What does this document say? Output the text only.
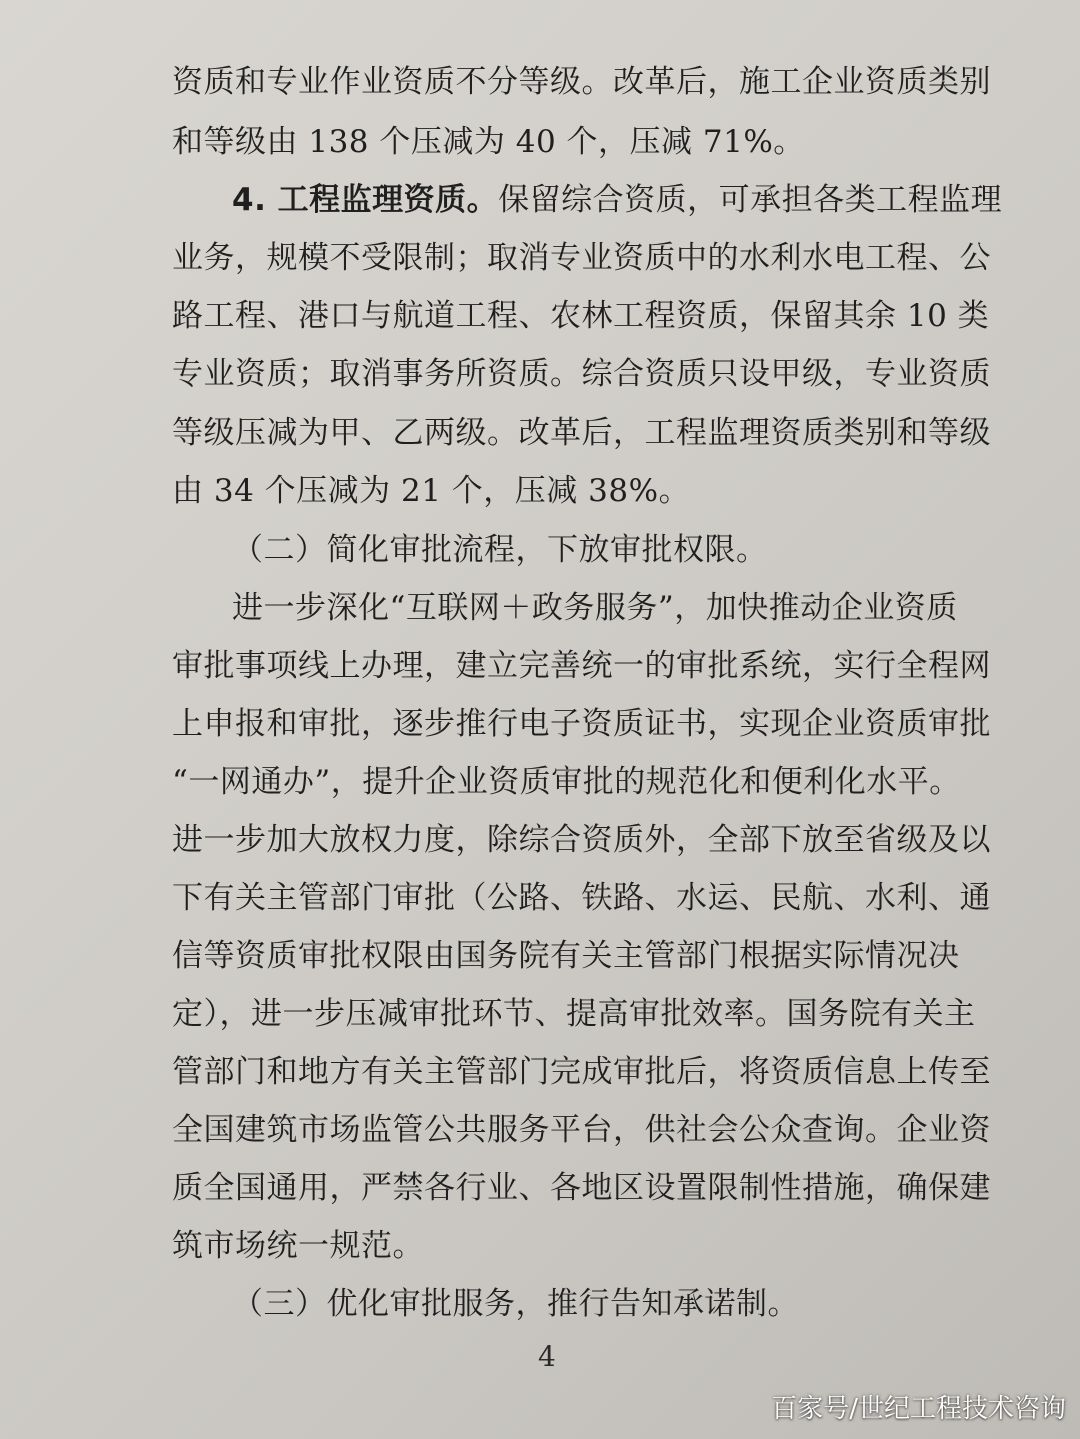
资质和专业作业资质不分等级。改革后，施工企业资质类别
和等级由 138 个压减为 40 个，压减 71%。
4. 工程监理资质。保留综合资质，可承担各类工程监理
业务，规模不受限制；取消专业资质中的水利水电工程、公
路工程、港口与航道工程、农林工程资质，保留其余 10 类
专业资质；取消事务所资质。综合资质只设甲级，专业资质
等级压减为甲、乙两级。改革后，工程监理资质类别和等级
由 34 个压减为 21 个，压减 38%。
（二）简化审批流程，下放审批权限。
进一步深化“互联网＋政务服务”，加快推动企业资质
审批事项线上办理，建立完善统一的审批系统，实行全程网
上申报和审批，逐步推行电子资质证书，实现企业资质审批
“一网通办”，提升企业资质审批的规范化和便利化水平。
进一步加大放权力度，除综合资质外，全部下放至省级及以
下有关主管部门审批（公路、铁路、水运、民航、水利、通
信等资质审批权限由国务院有关主管部门根据实际情况决
定），进一步压减审批环节、提高审批效率。国务院有关主
管部门和地方有关主管部门完成审批后，将资质信息上传至
全国建筑市场监管公共服务平台，供社会公众查询。企业资
质全国通用，严禁各行业、各地区设置限制性措施，确保建
筑市场统一规范。
（三）优化审批服务，推行告知承诺制。
4
百家号/世纪工程技术咨询
